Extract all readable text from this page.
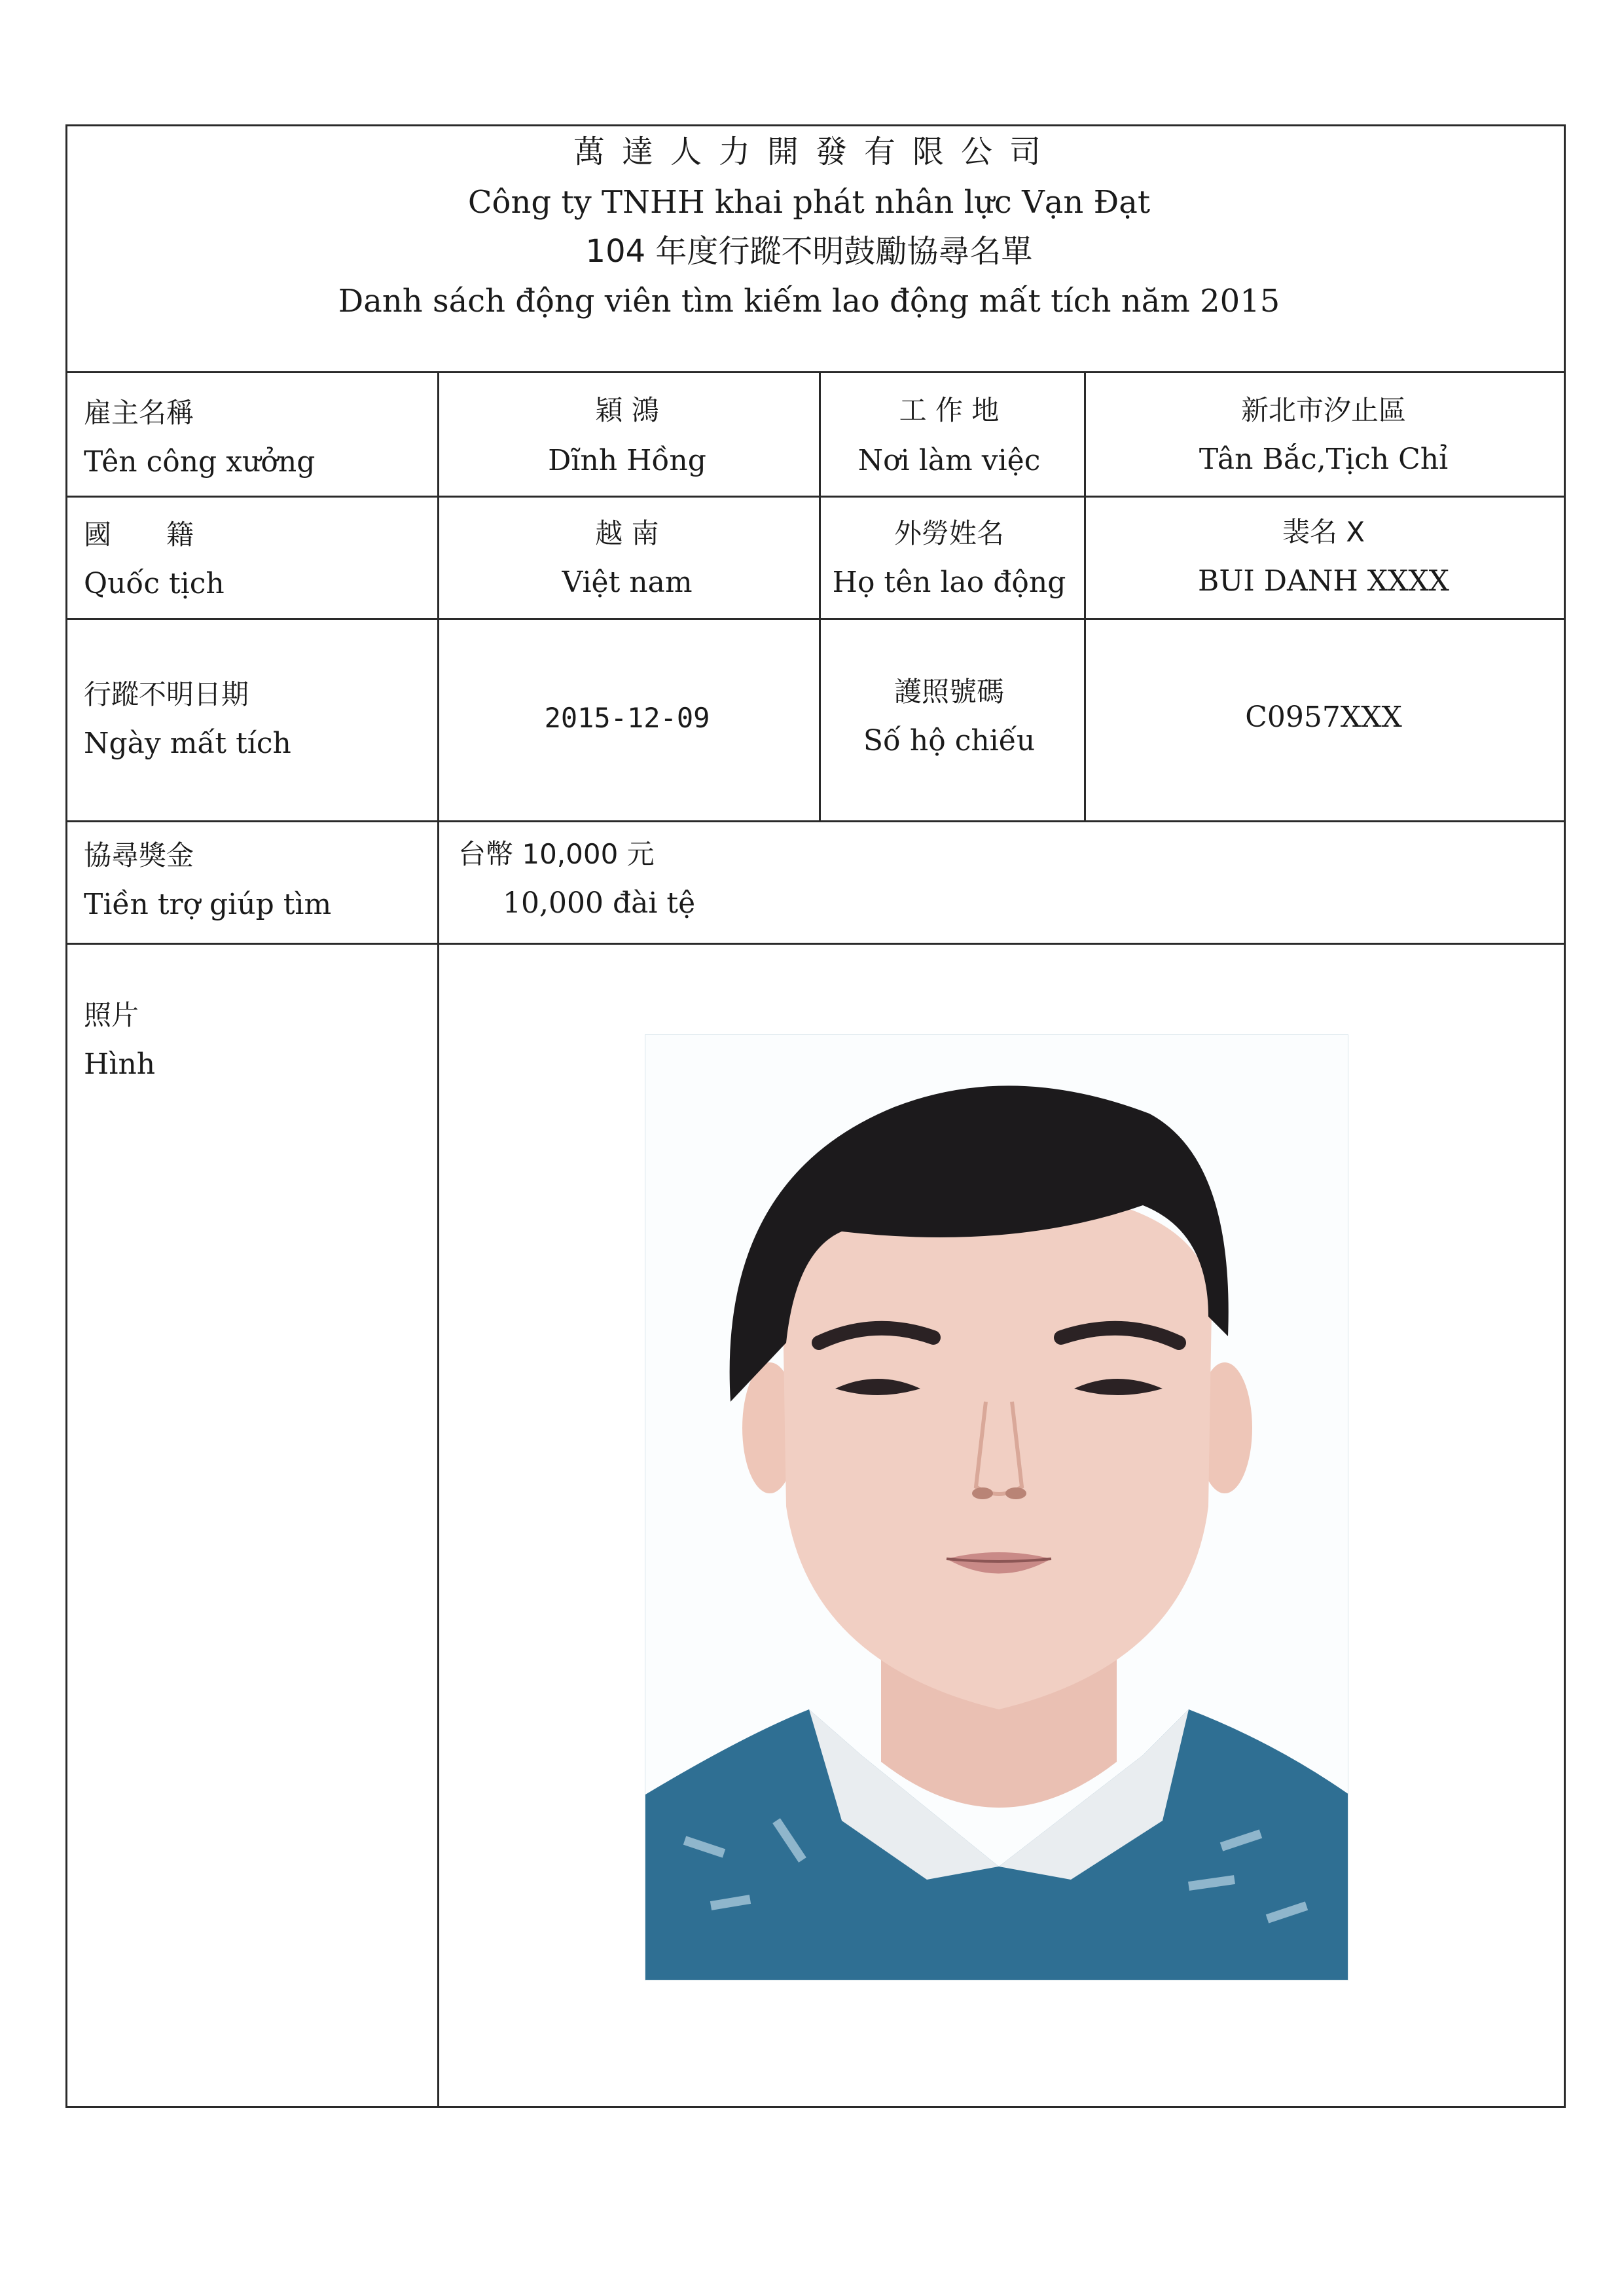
萬達人力開發有限公司
Công ty TNHH khai phát nhân lực Vạn Đạt
104 年度行蹤不明鼓勵協尋名單
Danh sách động viên tìm kiếm lao động mất tích năm 2015
雇主名稱
Tên công xưởng
穎 鴻
Dĩnh Hồng
工 作 地
Nơi làm việc
新北市汐止區
Tân Bắc,Tịch Chỉ
國　　籍
Quốc tịch
越 南
Việt nam
外勞姓名
Họ tên lao động
裴名 X
BUI DANH XXXX
行蹤不明日期
Ngày mất tích
2015-12-09
護照號碼
Số hộ chiếu
C0957XXX
協尋獎金
Tiền trợ giúp tìm
台幣 10,000 元
10,000 đài tệ
照片
Hình
